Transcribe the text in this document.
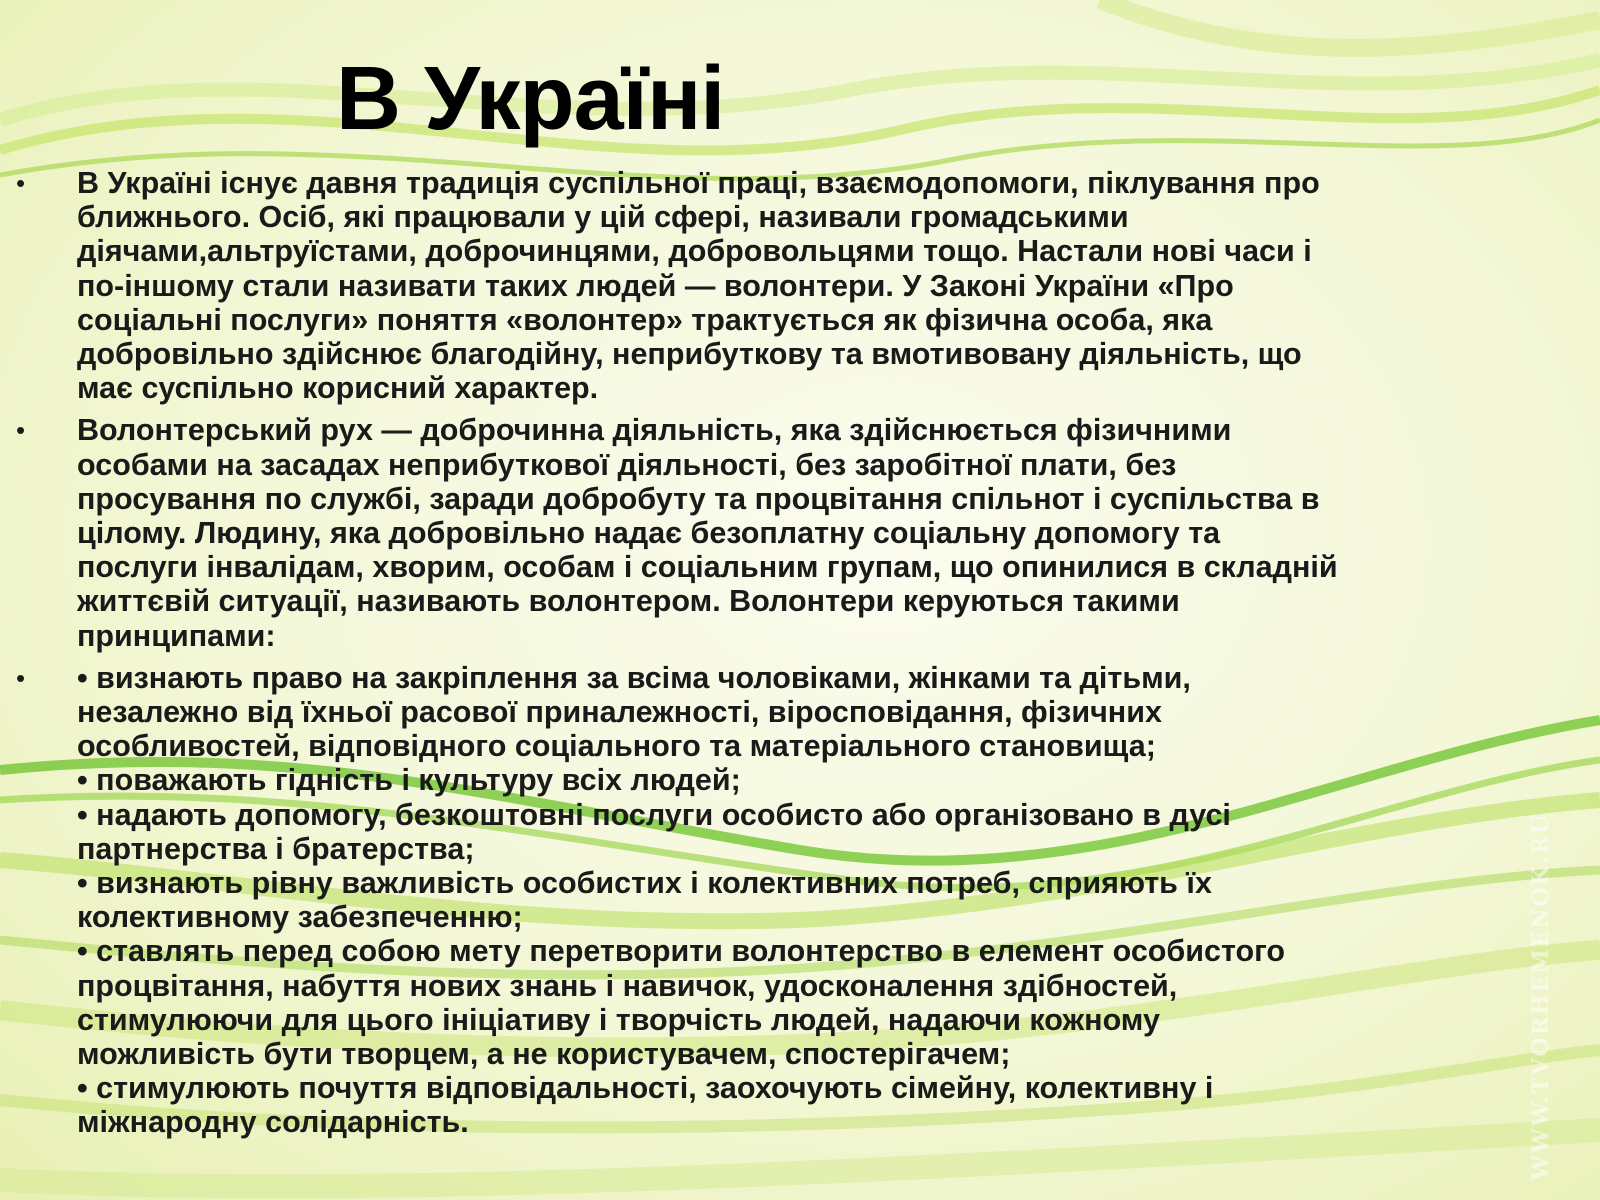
WWW.TVORHEMENOK.RU
В Україні
• В Україні існує давня традиція суспільної праці, взаємодопомоги, піклування про
ближнього. Осіб, які працювали у цій сфері, називали громадськими
діячами,альтруїстами, доброчинцями, добровольцями тощо. Настали нові часи і
по-іншому стали називати таких людей — волонтери. У Законі України «Про
соціальні послуги» поняття «волонтер» трактується як фізична особа, яка
добровільно здійснює благодійну, неприбуткову та вмотивовану діяльність, що
має суспільно корисний характер.
• Волонтерський рух — доброчинна діяльність, яка здійснюється фізичними
особами на засадах неприбуткової діяльності, без заробітної плати, без
просування по службі, заради добробуту та процвітання спільнот і суспільства в
цілому. Людину, яка добровільно надає безоплатну соціальну допомогу та
послуги інвалідам, хворим, особам і соціальним групам, що опинилися в складній
життєвій ситуації, називають волонтером. Волонтери керуються такими
принципами:
• • визнають право на закріплення за всіма чоловіками, жінками та дітьми,
незалежно від їхньої расової приналежності, віросповідання, фізичних
особливостей, відповідного соціального та матеріального становища;
• поважають гідність і культуру всіх людей;
• надають допомогу, безкоштовні послуги особисто або організовано в дусі
партнерства і братерства;
• визнають рівну важливість особистих і колективних потреб, сприяють їх
колективному забезпеченню;
• ставлять перед собою мету перетворити волонтерство в елемент особистого
процвітання, набуття нових знань і навичок, удосконалення здібностей,
стимулюючи для цього ініціативу і творчість людей, надаючи кожному
можливість бути творцем, а не користувачем, спостерігачем;
• стимулюють почуття відповідальності, заохочують сімейну, колективну і
міжнародну солідарність.
